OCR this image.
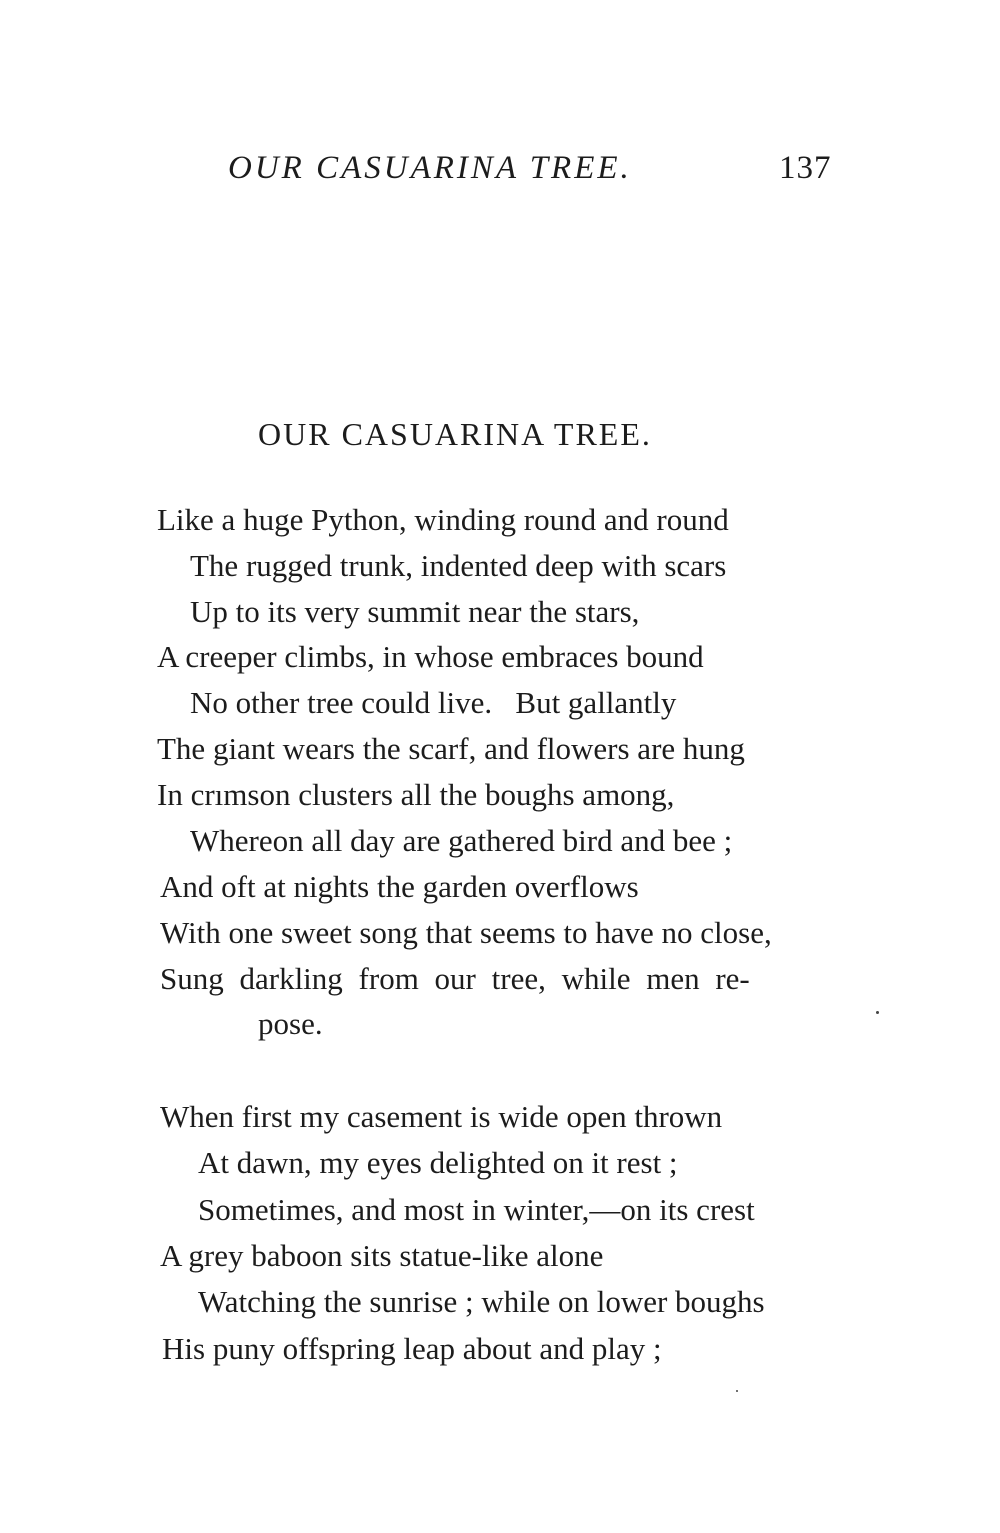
OUR CASUARINA TREE.	137
OUR CASUARINA TREE.
Like a huge Python, winding round and round
The rugged trunk, indented deep with scars
Up to its very summit near the stars,
A creeper climbs, in whose embraces bound
No other tree could live.   But gallantly
The giant wears the scarf, and flowers are hung
In crımson clusters all the boughs among,
Whereon all day are gathered bird and bee ;
And oft at nights the garden overflows
With one sweet song that seems to have no close,
Sung darkling from our tree, while men re-
pose.
When first my casement is wide open thrown
At dawn, my eyes delighted on it rest ;
Sometimes, and most in winter,—on its crest
A grey baboon sits statue-like alone
Watching the sunrise ; while on lower boughs
His puny offspring leap about and play ;
